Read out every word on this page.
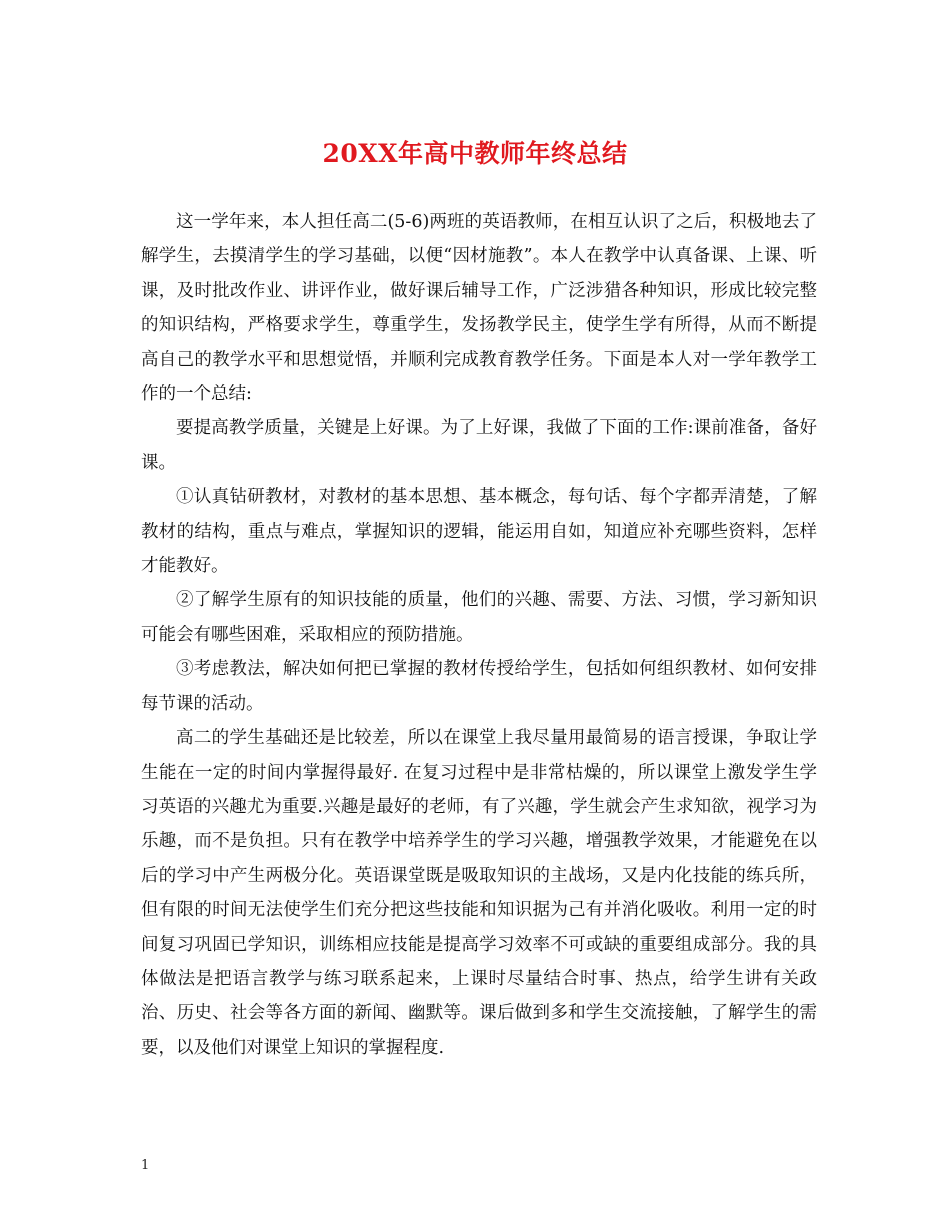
20XX年高中教师年终总结

这一学年来，本人担任高二(5-6)两班的英语教师，在相互认识了之后，积极地去了解学生，去摸清学生的学习基础，以便“因材施教”。本人在教学中认真备课、上课、听课，及时批改作业、讲评作业，做好课后辅导工作，广泛涉猎各种知识，形成比较完整的知识结构，严格要求学生，尊重学生，发扬教学民主，使学生学有所得，从而不断提高自己的教学水平和思想觉悟，并顺利完成教育教学任务。下面是本人对一学年教学工作的一个总结:

要提高教学质量，关键是上好课。为了上好课，我做了下面的工作:课前准备，备好课。

①认真钻研教材，对教材的基本思想、基本概念，每句话、每个字都弄清楚，了解教材的结构，重点与难点，掌握知识的逻辑，能运用自如，知道应补充哪些资料，怎样才能教好。

②了解学生原有的知识技能的质量，他们的兴趣、需要、方法、习惯，学习新知识可能会有哪些困难，采取相应的预防措施。

③考虑教法，解决如何把已掌握的教材传授给学生，包括如何组织教材、如何安排每节课的活动。

高二的学生基础还是比较差，所以在课堂上我尽量用最简易的语言授课，争取让学生能在一定的时间内掌握得最好. 在复习过程中是非常枯燥的，所以课堂上激发学生学习英语的兴趣尤为重要.兴趣是最好的老师，有了兴趣，学生就会产生求知欲，视学习为乐趣，而不是负担。只有在教学中培养学生的学习兴趣，增强教学效果，才能避免在以后的学习中产生两极分化。英语课堂既是吸取知识的主战场，又是内化技能的练兵所，但有限的时间无法使学生们充分把这些技能和知识据为己有并消化吸收。利用一定的时间复习巩固已学知识，训练相应技能是提高学习效率不可或缺的重要组成部分。我的具体做法是把语言教学与练习联系起来，上课时尽量结合时事、热点，给学生讲有关政治、历史、社会等各方面的新闻、幽默等。课后做到多和学生交流接触，了解学生的需要，以及他们对课堂上知识的掌握程度.

1
